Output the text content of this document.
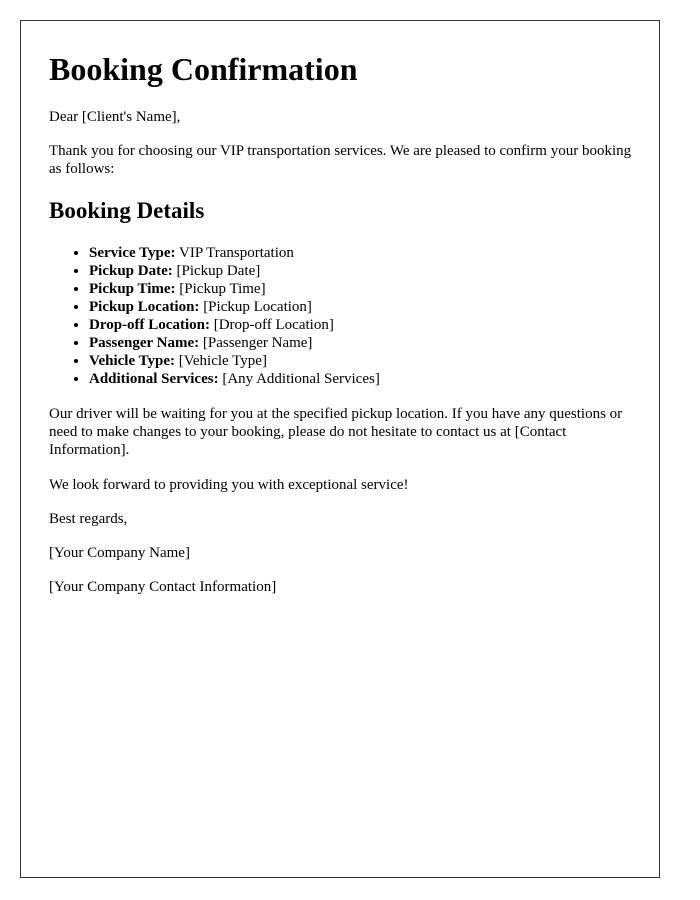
Booking Confirmation

Dear [Client's Name],

Thank you for choosing our VIP transportation services. We are pleased to confirm your booking as follows:

Booking Details
• Service Type: VIP Transportation
• Pickup Date: [Pickup Date]
• Pickup Time: [Pickup Time]
• Pickup Location: [Pickup Location]
• Drop-off Location: [Drop-off Location]
• Passenger Name: [Passenger Name]
• Vehicle Type: [Vehicle Type]
• Additional Services: [Any Additional Services]

Our driver will be waiting for you at the specified pickup location. If you have any questions or need to make changes to your booking, please do not hesitate to contact us at [Contact Information].

We look forward to providing you with exceptional service!

Best regards,

[Your Company Name]

[Your Company Contact Information]
